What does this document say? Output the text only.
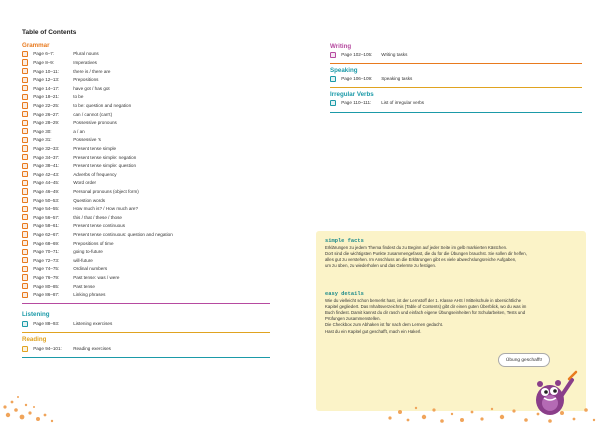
Table of Contents
Grammar
Page 6–7:	Plural nouns
Page 8–9:	Imperatives
Page 10–11:	there is / there are
Page 12–13:	Prepositions
Page 14–17:	have got / has got
Page 18–21:	to be
Page 22–25:	to be: question and negation
Page 26–27:	can / cannot (can't)
Page 28–29:	Possessive pronouns
Page 30:	a / an
Page 31:	Possessive 's
Page 32–33:	Present tense simple
Page 34–37:	Present tense simple: negation
Page 38–41:	Present tense simple: question
Page 42–43:	Adverbs of frequency
Page 44–45:	Word order
Page 46–49:	Personal pronouns (object form)
Page 50–53:	Question words
Page 54–55:	How much is? / How much are?
Page 56–57:	this / that / these / those
Page 58–61:	Present tense continuous
Page 62–67:	Present tense continuous: question and negation
Page 68–69:	Prepositions of time
Page 70–71:	going to-future
Page 72–73:	will-future
Page 74–75:	Ordinal numbers
Page 76–79:	Past tense: was / were
Page 80–85:	Past tense
Page 86–87:	Linking phrases
Listening
Page 88–93:	Listening exercises
Reading
Page 94–101:	Reading exercises
Writing
Page 102–105:	Writing tasks
Speaking
Page 106–109:	Speaking tasks
Irregular Verbs
Page 110–111:	List of irregular verbs
simple facts
Erklärungen zu jedem Thema findest du zu Beginn auf jeder Seite im gelb markierten Kästchen.
Dort sind die wichtigsten Punkte zusammengefasst, die du für die Übungen brauchst. Sie sollen dir helfen,
alles gut zu verstehen. Im Anschluss an die Erklärungen gibt es viele abwechslungsreiche Aufgaben,
um zu üben, zu wiederholen und das Gelernte zu festigen.
easy details
Wie du vielleicht schon bemerkt hast, ist der Lernstoff der 1. Klasse AHS / Mittelschule in übersichtliche
Kapitel gegliedert. Das Inhaltsverzeichnis (Table of Contents) gibt dir einen guten Überblick, wo du was im
Buch findest. Damit kannst du dir rasch und einfach eigene Übungseinheiten für Schularbeiten, Tests und
Prüfungen zusammenstellen.
Die Checkbox zum Abhaken ist für nach dem Lernen gedacht.
Hast du ein Kapitel gut geschafft, mach ein Hakerl.
Übung geschafft!
